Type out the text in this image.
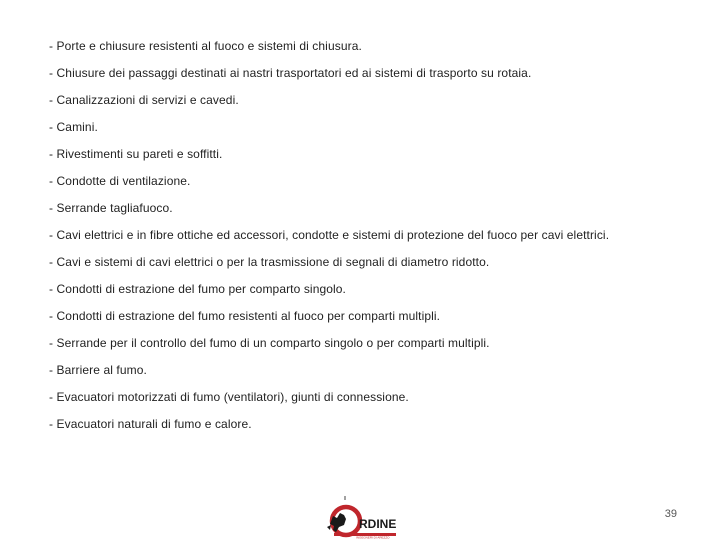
- Porte e chiusure resistenti al fuoco e sistemi di chiusura.
- Chiusure dei passaggi destinati ai nastri trasportatori ed ai sistemi di trasporto su rotaia.
- Canalizzazioni di servizi e cavedi.
- Camini.
- Rivestimenti su pareti e soffitti.
- Condotte di ventilazione.
- Serrande tagliafuoco.
- Cavi elettrici e in fibre ottiche ed accessori, condotte e sistemi di protezione del fuoco per cavi elettrici.
- Cavi e sistemi di cavi elettrici o per la trasmissione di segnali di diametro ridotto.
- Condotti di estrazione del fumo per comparto singolo.
- Condotti di estrazione del fumo resistenti al fuoco per comparti multipli.
- Serrande per il controllo del fumo di un comparto singolo o per comparti multipli.
- Barriere al fumo.
- Evacuatori motorizzati di fumo (ventilatori), giunti di connessione.
- Evacuatori naturali di fumo e calore.
RDINE
INGEGNERI DI AREZZO
39
